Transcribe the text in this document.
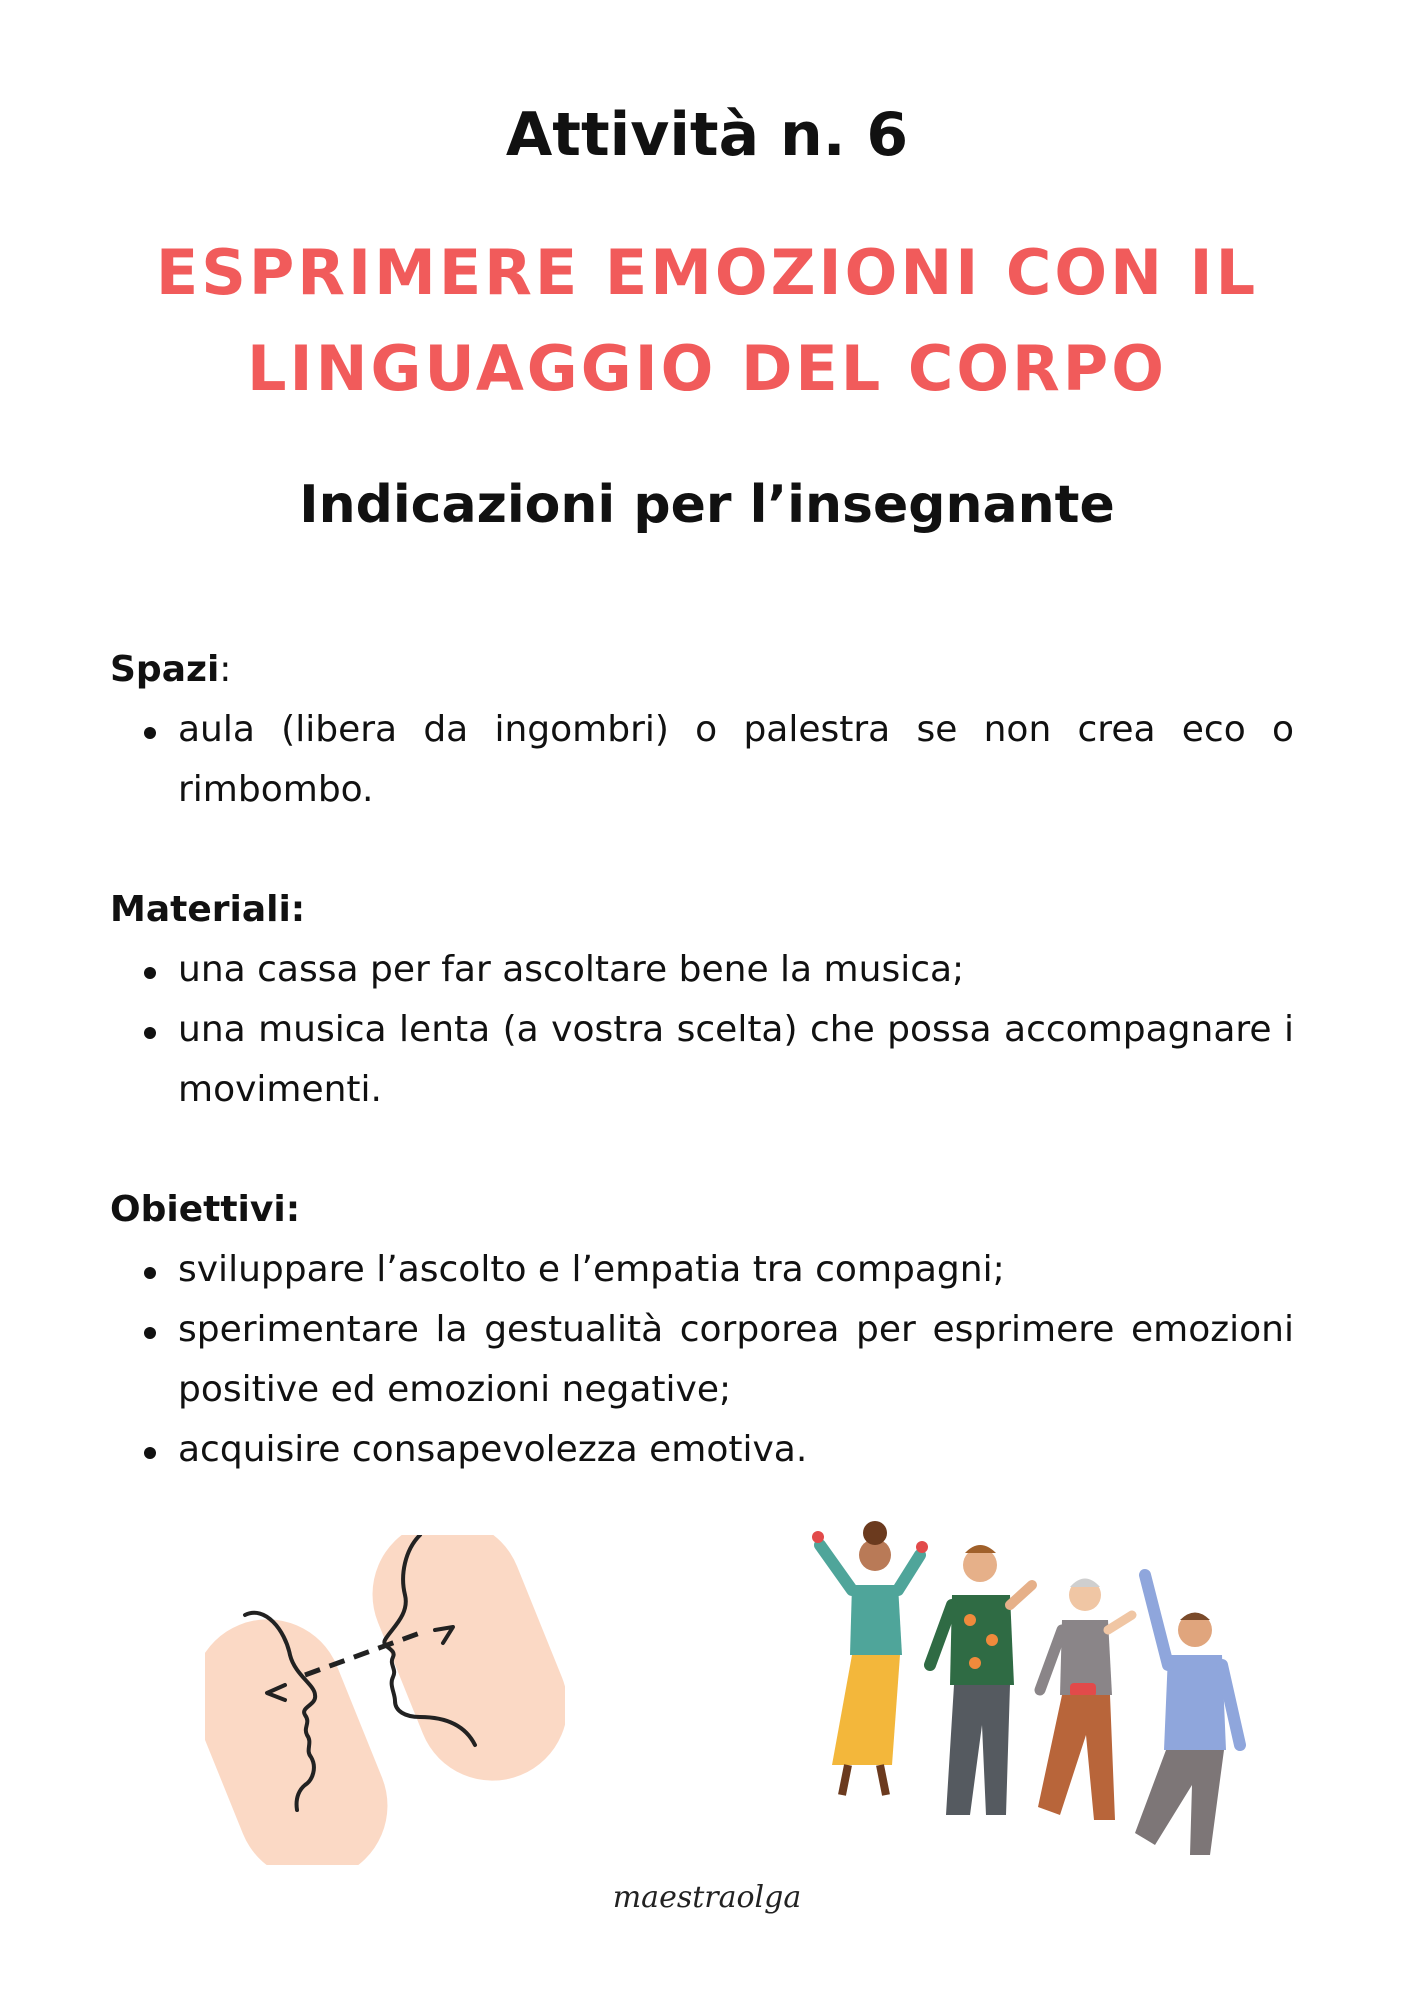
Attività n. 6
ESPRIMERE EMOZIONI CON IL LINGUAGGIO DEL CORPO
Indicazioni per l’insegnante

Spazi:

aula (libera da ingombri) o palestra se non crea eco o rimbombo.

Materiali:

una cassa per far ascoltare bene la musica;
una musica lenta (a vostra scelta) che possa accompagnare i movimenti.

Obiettivi:

sviluppare l’ascolto e l’empatia tra compagni;
sperimentare la gestualità corporea per esprimere emozioni positive ed emozioni negative;
acquisire consapevolezza emotiva.

maestraolga
